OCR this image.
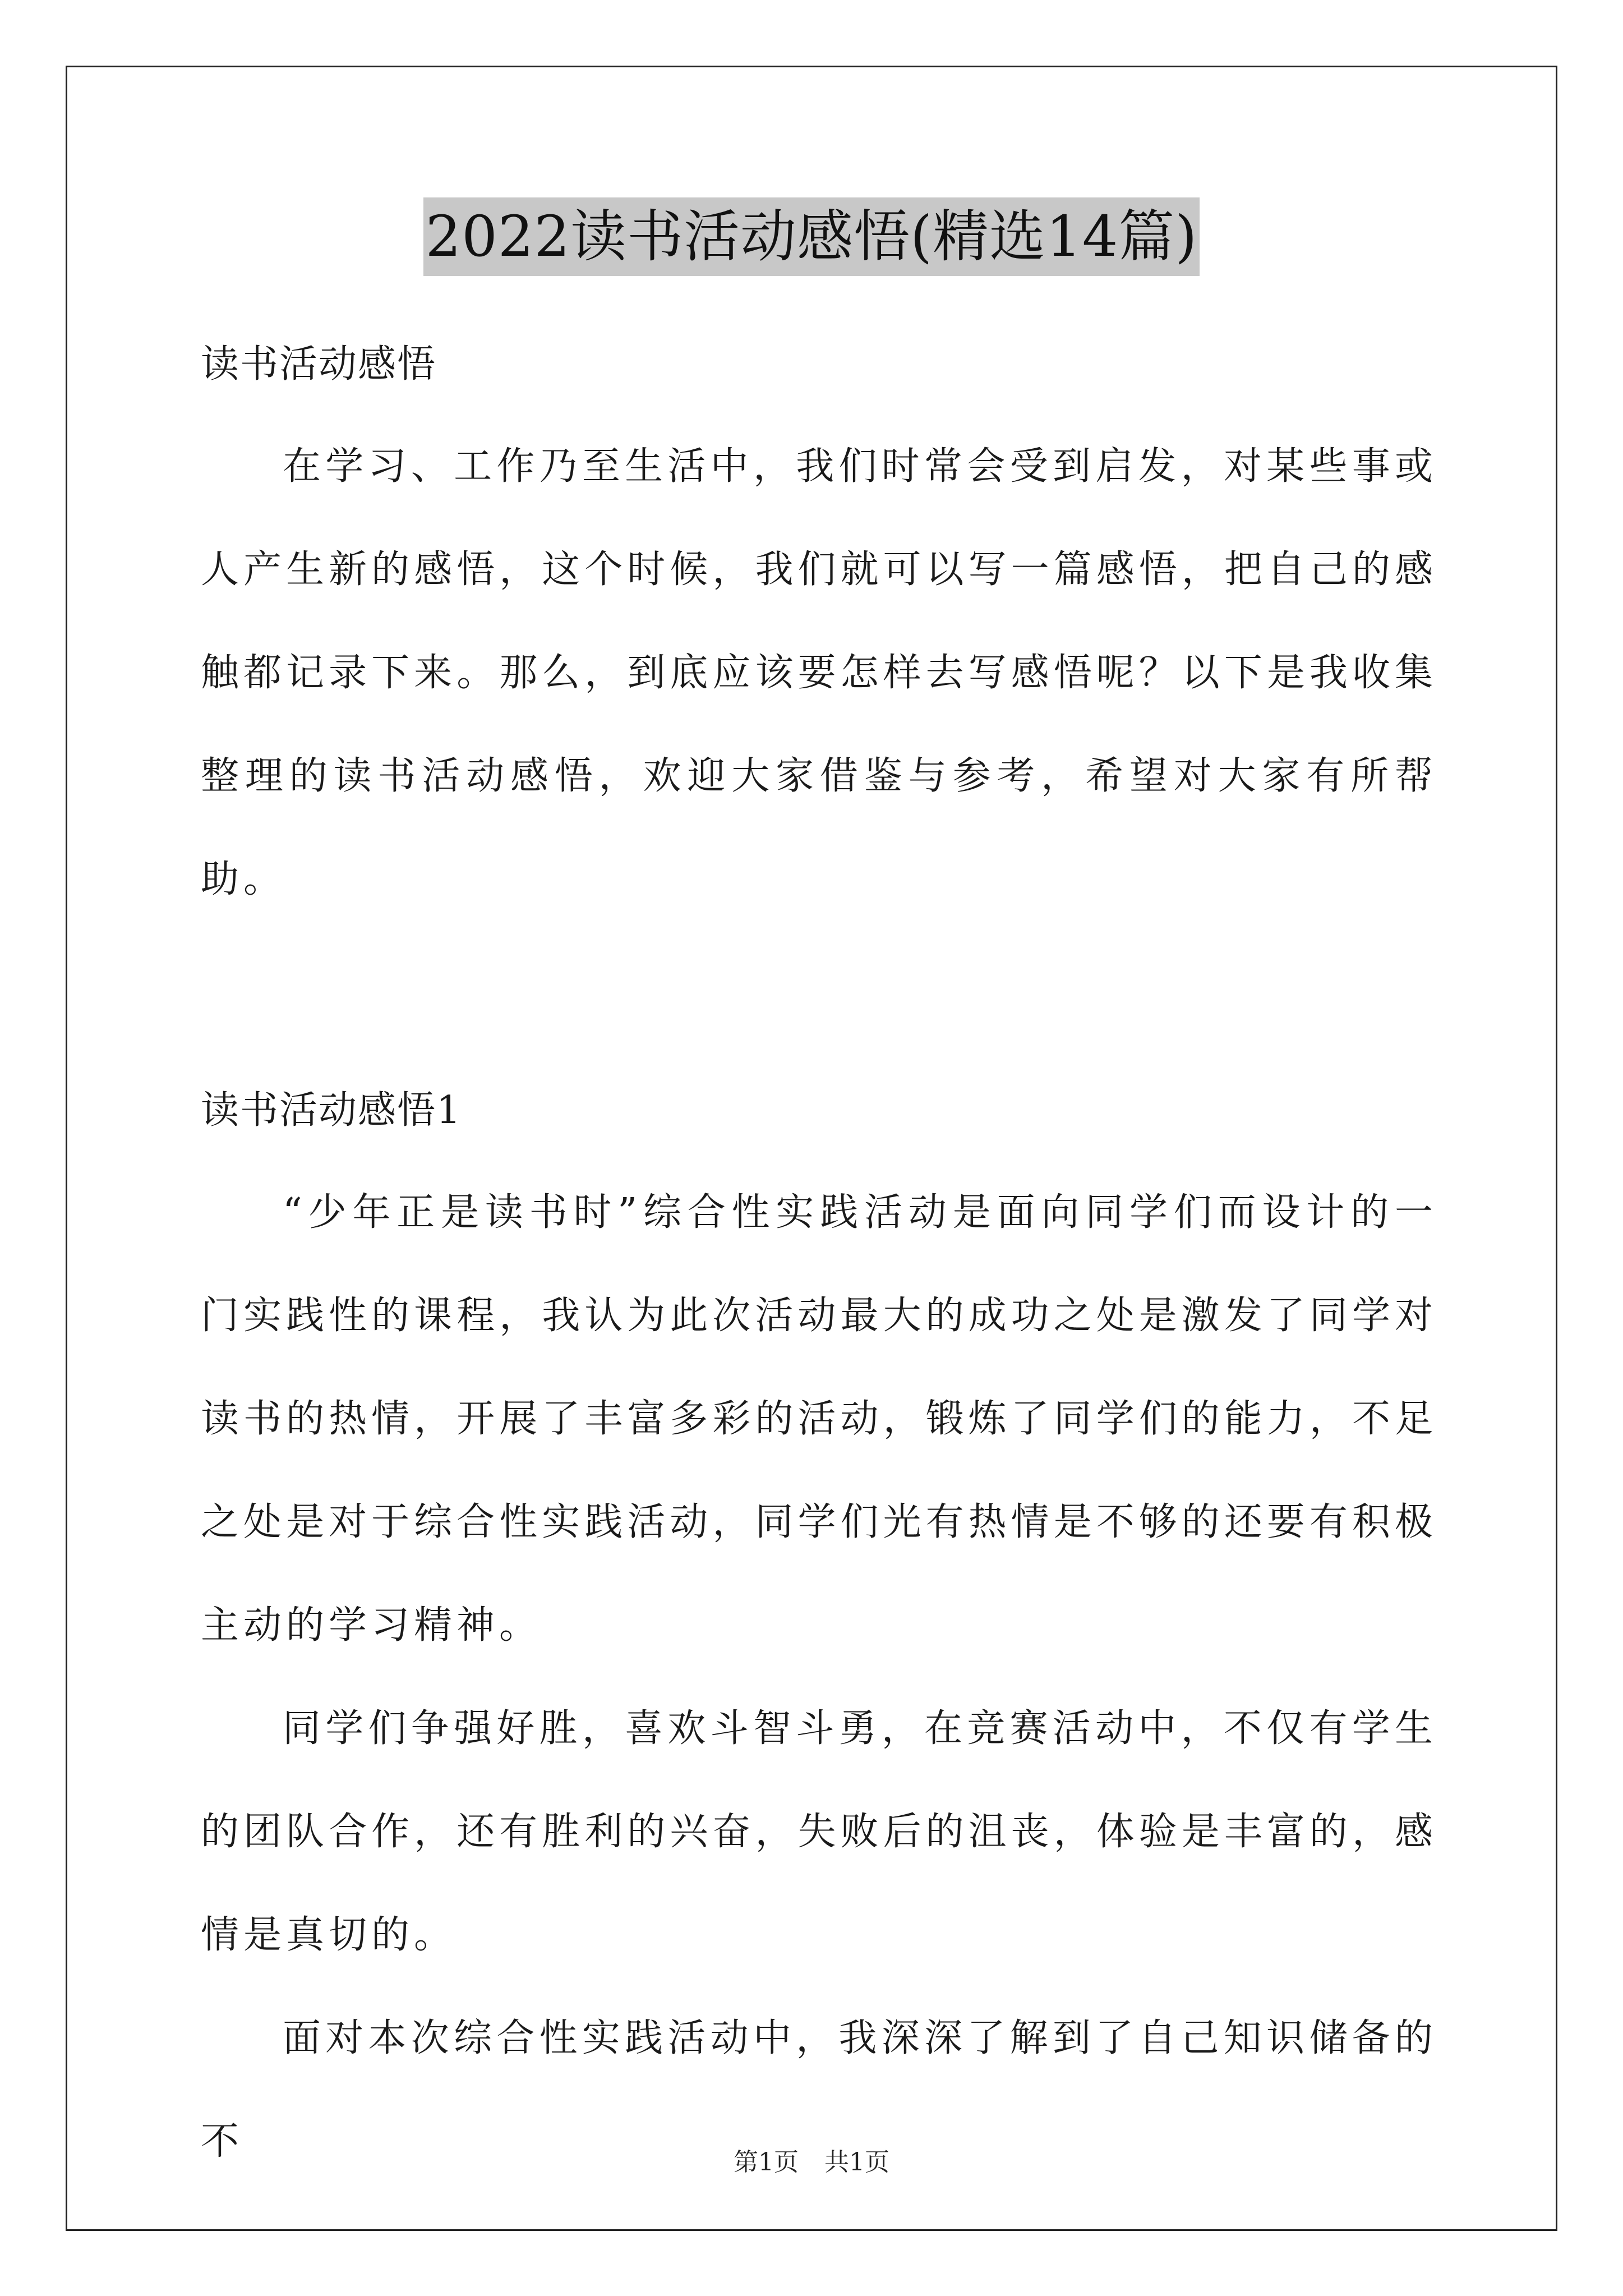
2022读书活动感悟(精选14篇)

读书活动感悟

在学习、工作乃至生活中，我们时常会受到启发，对某些事或人产生新的感悟，这个时候，我们就可以写一篇感悟，把自己的感触都记录下来。那么，到底应该要怎样去写感悟呢？以下是我收集整理的读书活动感悟，欢迎大家借鉴与参考，希望对大家有所帮助。

读书活动感悟1

“少年正是读书时”综合性实践活动是面向同学们而设计的一门实践性的课程，我认为此次活动最大的成功之处是激发了同学对读书的热情，开展了丰富多彩的活动，锻炼了同学们的能力，不足之处是对于综合性实践活动，同学们光有热情是不够的还要有积极主动的学习精神。

同学们争强好胜，喜欢斗智斗勇，在竞赛活动中，不仅有学生的团队合作，还有胜利的兴奋，失败后的沮丧，体验是丰富的，感情是真切的。

面对本次综合性实践活动中，我深深了解到了自己知识储备的不	第1页 共1页
